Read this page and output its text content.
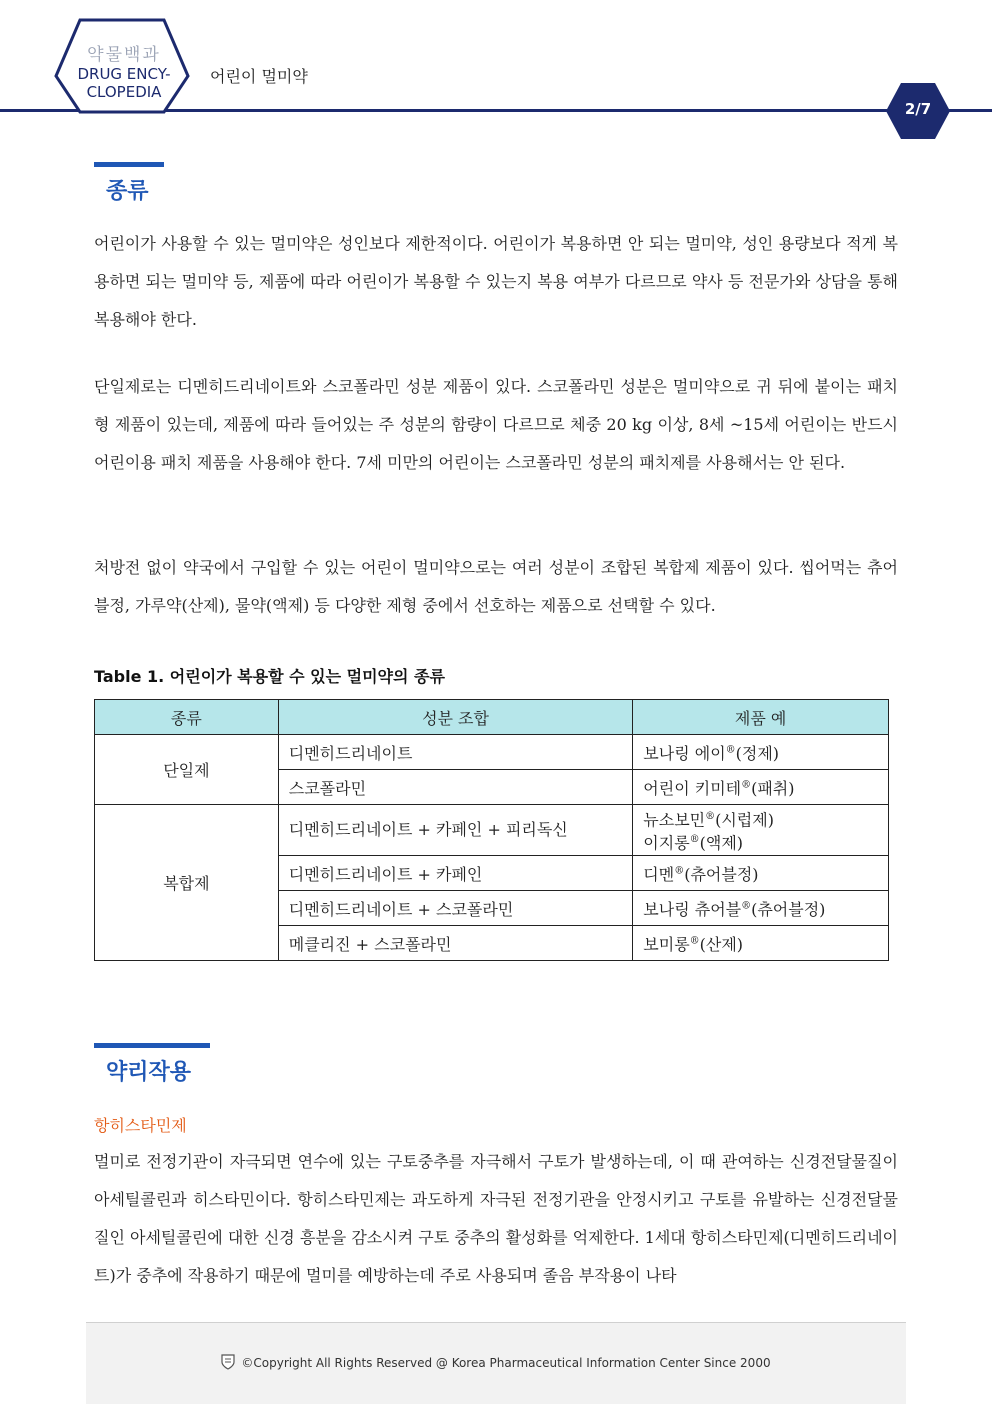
약물백과
DRUG ENCY-
CLOPEDIA
어린이 멀미약
2/7
종류

어린이가 사용할 수 있는 멀미약은 성인보다 제한적이다. 어린이가 복용하면 안 되는 멀미약, 성인 용량보다 적게 복용하면 되는 멀미약 등, 제품에 따라 어린이가 복용할 수 있는지 복용 여부가 다르므로 약사 등 전문가와 상담을 통해 복용해야 한다.

단일제로는 디멘히드리네이트와 스코폴라민 성분 제품이 있다. 스코폴라민 성분은 멀미약으로 귀 뒤에 붙이는 패치형 제품이 있는데, 제품에 따라 들어있는 주 성분의 함량이 다르므로 체중 20 kg 이상, 8세 ~15세 어린이는 반드시 어린이용 패치 제품을 사용해야 한다. 7세 미만의 어린이는 스코폴라민 성분의 패치제를 사용해서는 안 된다.

처방전 없이 약국에서 구입할 수 있는 어린이 멀미약으로는 여러 성분이 조합된 복합제 제품이 있다. 씹어먹는 츄어블정, 가루약(산제), 물약(액제) 등 다양한 제형 중에서 선호하는 제품으로 선택할 수 있다.

Table 1. 어린이가 복용할 수 있는 멀미약의 종류
종류	성분 조합	제품 예
단일제	디멘히드리네이트	보나링 에이®(정제)
	스코폴라민	어린이 키미테®(패취)
복합제	디멘히드리네이트 + 카페인 + 피리독신	뉴소보민®(시럽제)
이지롱®(액제)
	디멘히드리네이트 + 카페인	디멘®(츄어블정)
	디멘히드리네이트 + 스코폴라민	보나링 츄어블®(츄어블정)
	메클리진 + 스코폴라민	보미롱®(산제)
약리작용
항히스타민제

멀미로 전정기관이 자극되면 연수에 있는 구토중추를 자극해서 구토가 발생하는데, 이 때 관여하는 신경전달물질이 아세틸콜린과 히스타민이다. 항히스타민제는 과도하게 자극된 전정기관을 안정시키고 구토를 유발하는 신경전달물질인 아세틸콜린에 대한 신경 흥분을 감소시켜 구토 중추의 활성화를 억제한다. 1세대 항히스타민제(디멘히드리네이트)가 중추에 작용하기 때문에 멀미를 예방하는데 주로 사용되며 졸음 부작용이 나타

©Copyright All Rights Reserved @ Korea Pharmaceutical Information Center Since 2000
